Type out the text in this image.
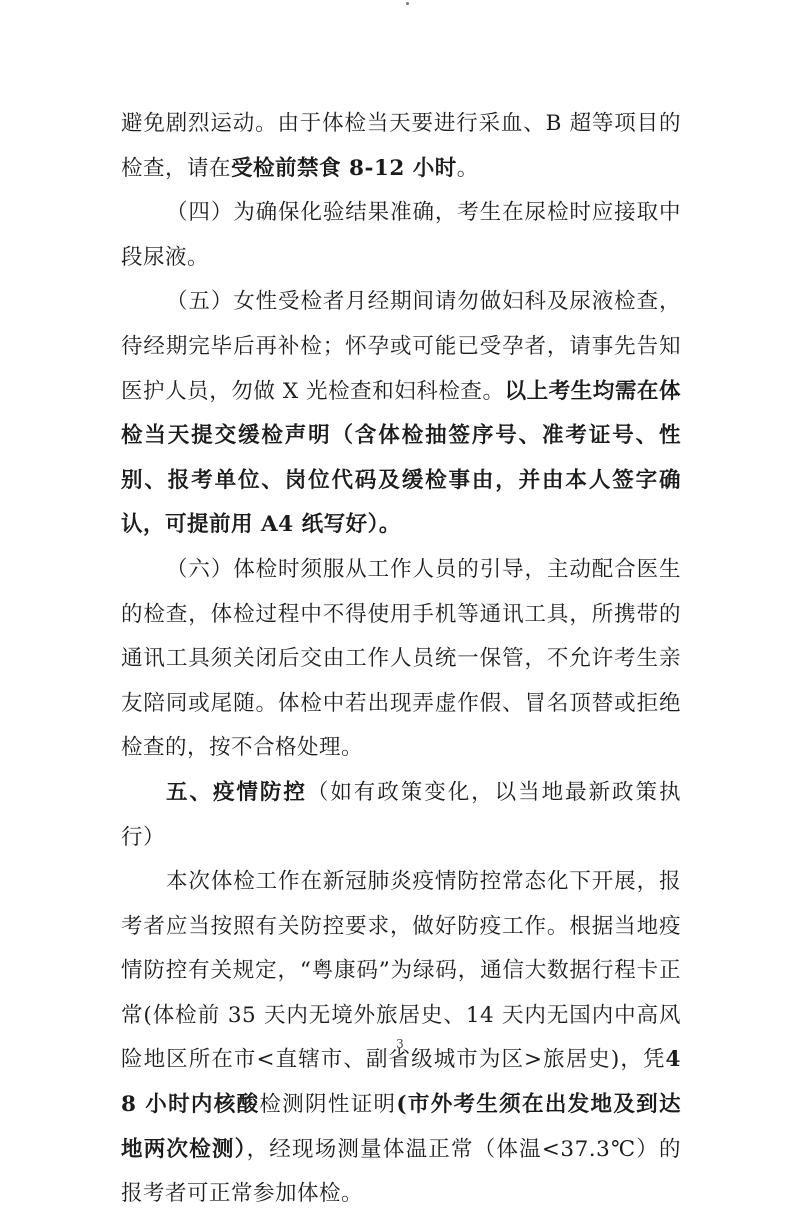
避免剧烈运动。由于体检当天要进行采血、B 超等项目的检查，请在受检前禁食 8-12 小时。

（四）为确保化验结果准确，考生在尿检时应接取中段尿液。

（五）女性受检者月经期间请勿做妇科及尿液检查，待经期完毕后再补检；怀孕或可能已受孕者，请事先告知医护人员，勿做 X 光检查和妇科检查。以上考生均需在体检当天提交缓检声明（含体检抽签序号、准考证号、性别、报考单位、岗位代码及缓检事由，并由本人签字确认，可提前用 A4 纸写好）。

（六）体检时须服从工作人员的引导，主动配合医生的检查，体检过程中不得使用手机等通讯工具，所携带的通讯工具须关闭后交由工作人员统一保管，不允许考生亲友陪同或尾随。体检中若出现弄虚作假、冒名顶替或拒绝检查的，按不合格处理。

五、疫情防控（如有政策变化，以当地最新政策执行）

本次体检工作在新冠肺炎疫情防控常态化下开展，报考者应当按照有关防控要求，做好防疫工作。根据当地疫情防控有关规定，“粤康码”为绿码，通信大数据行程卡正常(体检前 35 天内无境外旅居史、14 天内无国内中高风险地区所在市<直辖市、副省级城市为区>旅居史)，凭48 小时内核酸检测阴性证明(市外考生须在出发地及到达地两次检测），经现场测量体温正常（体温<37.3℃）的报考者可正常参加体检。

3
